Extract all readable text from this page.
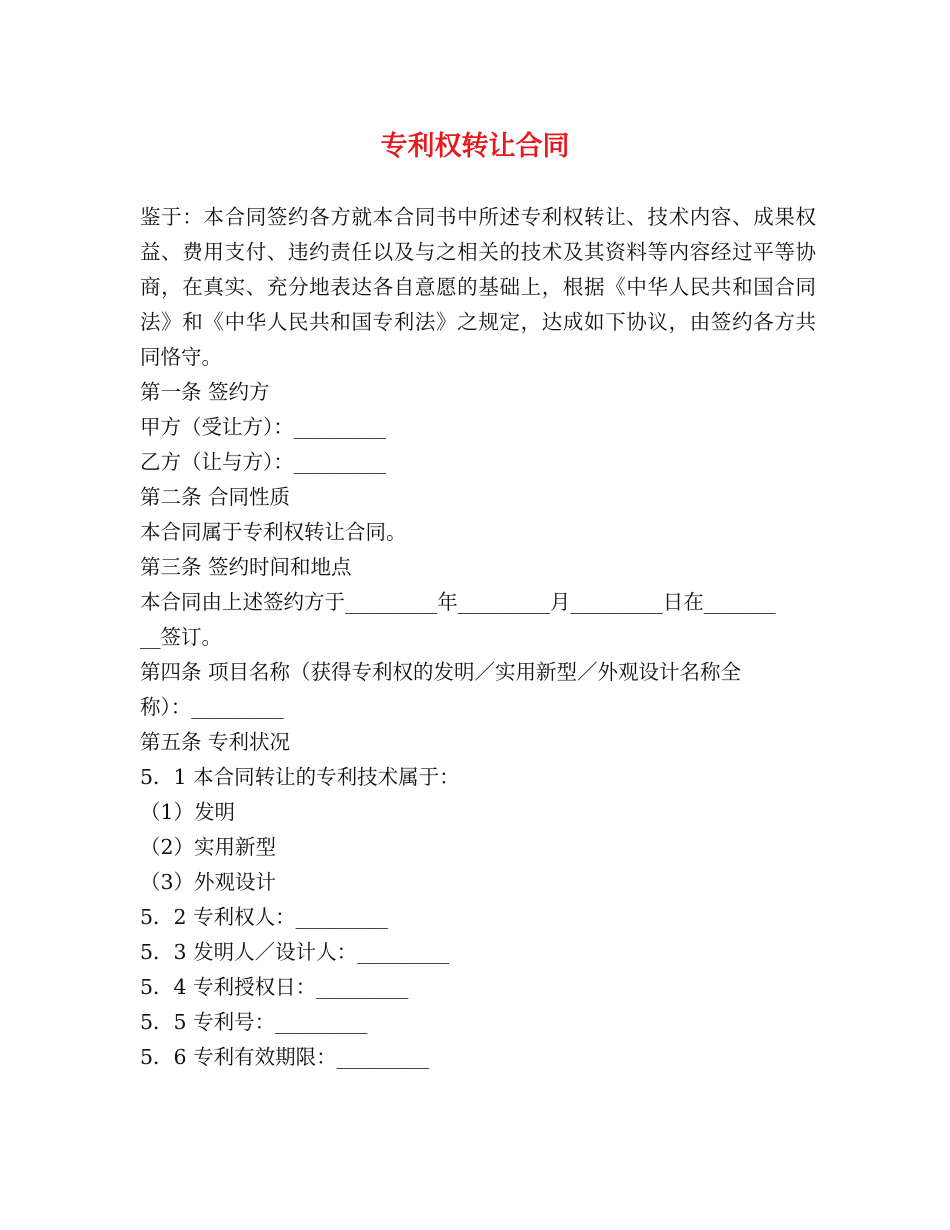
专利权转让合同
鉴于：本合同签约各方就本合同书中所述专利权转让、技术内容、成果权益、费用支付、违约责任以及与之相关的技术及其资料等内容经过平等协商，在真实、充分地表达各自意愿的基础上，根据《中华人民共和国合同法》和《中华人民共和国专利法》之规定，达成如下协议，由签约各方共同恪守。
第一条 签约方
甲方（受让方）：_________
乙方（让与方）：_________
第二条 合同性质
本合同属于专利权转让合同。
第三条 签约时间和地点
本合同由上述签约方于_________年_________月_________日在_______
__签订。
第四条 项目名称（获得专利权的发明／实用新型／外观设计名称全
称）：_________
第五条 专利状况
5．1 本合同转让的专利技术属于：
（1）发明
（2）实用新型
（3）外观设计
5．2 专利权人：_________
5．3 发明人／设计人：_________
5．4 专利授权日：_________
5．5 专利号：_________
5．6 专利有效期限：_________
